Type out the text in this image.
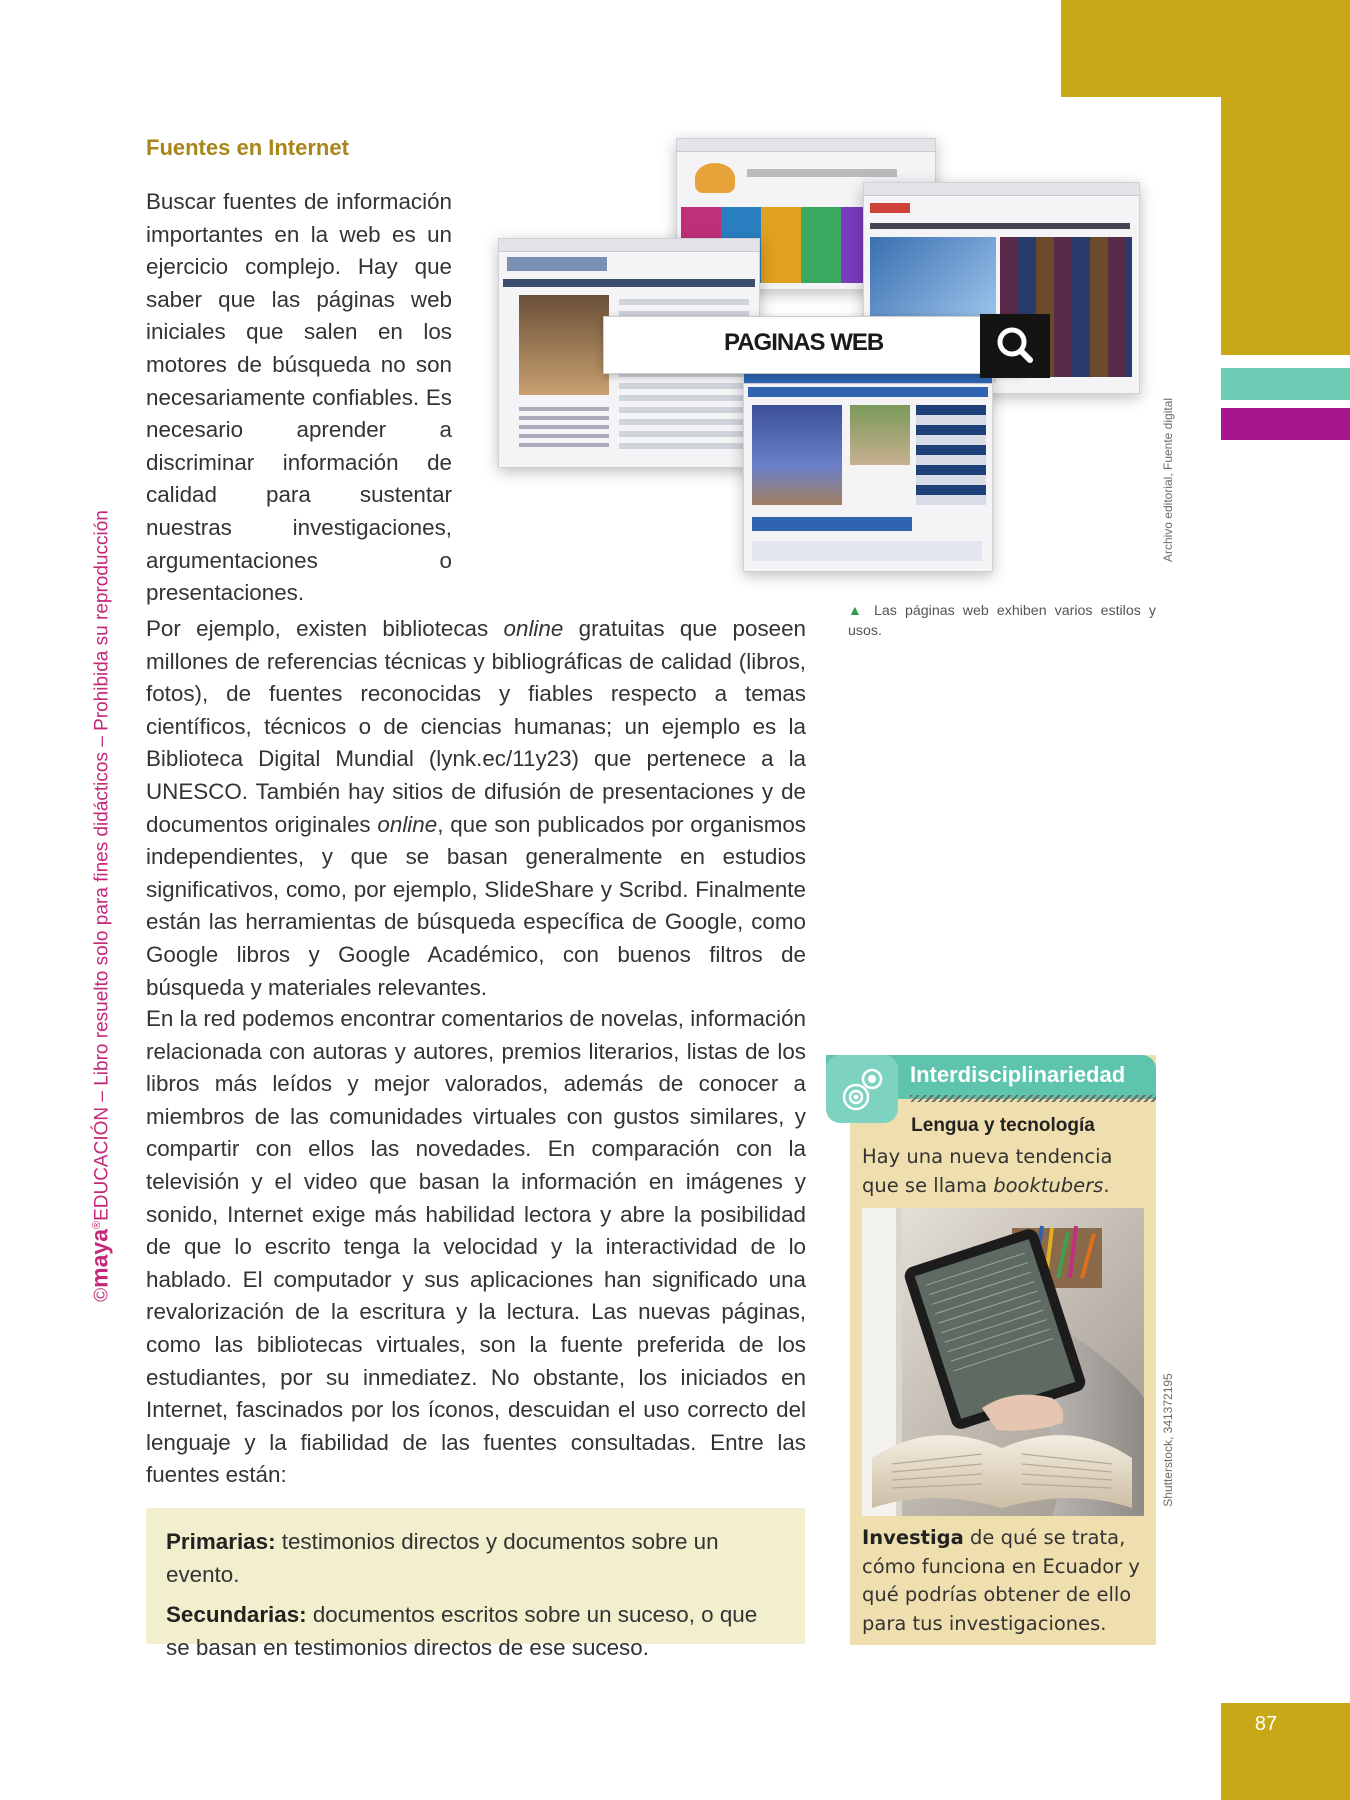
87
©maya®EDUCACIÓN – Libro resuelto solo para fines didácticos – Prohibida su reproducción
Fuentes en Internet
Buscar fuentes de información importantes en la web es un ejercicio complejo. Hay que saber que las páginas web iniciales que salen en los motores de búsqueda no son necesariamente confiables. Es necesario aprender a discriminar información de calidad para sustentar nuestras investigaciones, argumentaciones o presentaciones.
PAGINAS WEB
Archivo editorial, Fuente digital
▲ Las páginas web exhiben varios estilos y usos.
Por ejemplo, existen bibliotecas online gratuitas que poseen millones de referencias técnicas y bibliográficas de calidad (libros, fotos), de fuentes reconocidas y fiables respecto a temas científicos, técnicos o de ciencias humanas; un ejemplo es la Biblioteca Digital Mundial (lynk.ec/11y23) que pertenece a la UNESCO. También hay sitios de difusión de presentaciones y de documentos originales online, que son publicados por organismos independientes, y que se basan generalmente en estudios significativos, como, por ejemplo, SlideShare y Scribd. Finalmente están las herramientas de búsqueda específica de Google, como Google libros y Google Académico, con buenos filtros de búsqueda y materiales relevantes.
En la red podemos encontrar comentarios de novelas, información relacionada con autoras y autores, premios literarios, listas de los libros más leídos y mejor valorados, además de conocer a miembros de las comunidades virtuales con gustos similares, y compartir con ellos las novedades. En comparación con la televisión y el video que basan la información en imágenes y sonido, Internet exige más habilidad lectora y abre la posibilidad de que lo escrito tenga la velocidad y la interactividad de lo hablado. El computador y sus aplicaciones han significado una revalorización de la escritura y la lectura. Las nuevas páginas, como las bibliotecas virtuales, son la fuente preferida de los estudiantes, por su inmediatez. No obstante, los iniciados en Internet, fascinados por los íconos, descuidan el uso correcto del lenguaje y la fiabilidad de las fuentes consultadas. Entre las fuentes están:

Primarias: testimonios directos y documentos sobre un evento.

Secundarias: documentos escritos sobre un suceso, o que se basan en testimonios directos de ese suceso.

Interdisciplinariedad
Lengua y tecnología
Hay una nueva tendencia que se llama booktubers.
Shutterstock, 341372195
Investiga de qué se trata, cómo funciona en Ecuador y qué podrías obtener de ello para tus investigaciones.
